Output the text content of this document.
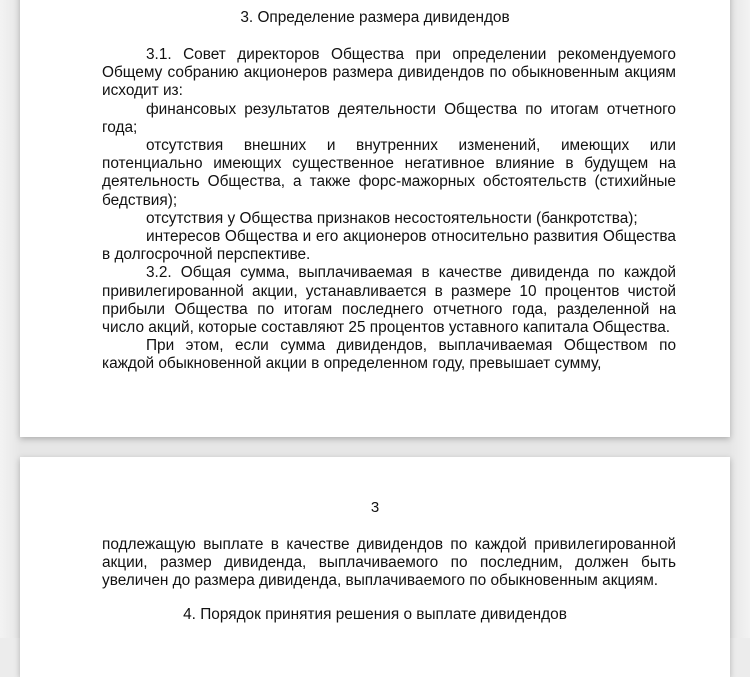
3. Определение размера дивидендов

3.1. Совет директоров Общества при определении рекомендуемого Общему собранию акционеров размера дивидендов по обыкновенным акциям исходит из:

финансовых результатов деятельности Общества по итогам отчетного года;

отсутствия внешних и внутренних изменений, имеющих или потенциально имеющих существенное негативное влияние в будущем на деятельность Общества, а также форс-мажорных обстоятельств (стихийные бедствия);

отсутствия у Общества признаков несостоятельности (банкротства);

интересов Общества и его акционеров относительно развития Общества в долгосрочной перспективе.

3.2. Общая сумма, выплачиваемая в качестве дивиденда по каждой привилегированной акции, устанавливается в размере 10 процентов чистой прибыли Общества по итогам последнего отчетного года, разделенной на число акций, которые составляют 25 процентов уставного капитала Общества.

При этом, если сумма дивидендов, выплачиваемая Обществом по каждой обыкновенной акции в определенном году, превышает сумму,

3

подлежащую выплате в качестве дивидендов по каждой привилегированной акции, размер дивиденда, выплачиваемого по последним, должен быть увеличен до размера дивиденда, выплачиваемого по обыкновенным акциям.

4. Порядок принятия решения о выплате дивидендов
